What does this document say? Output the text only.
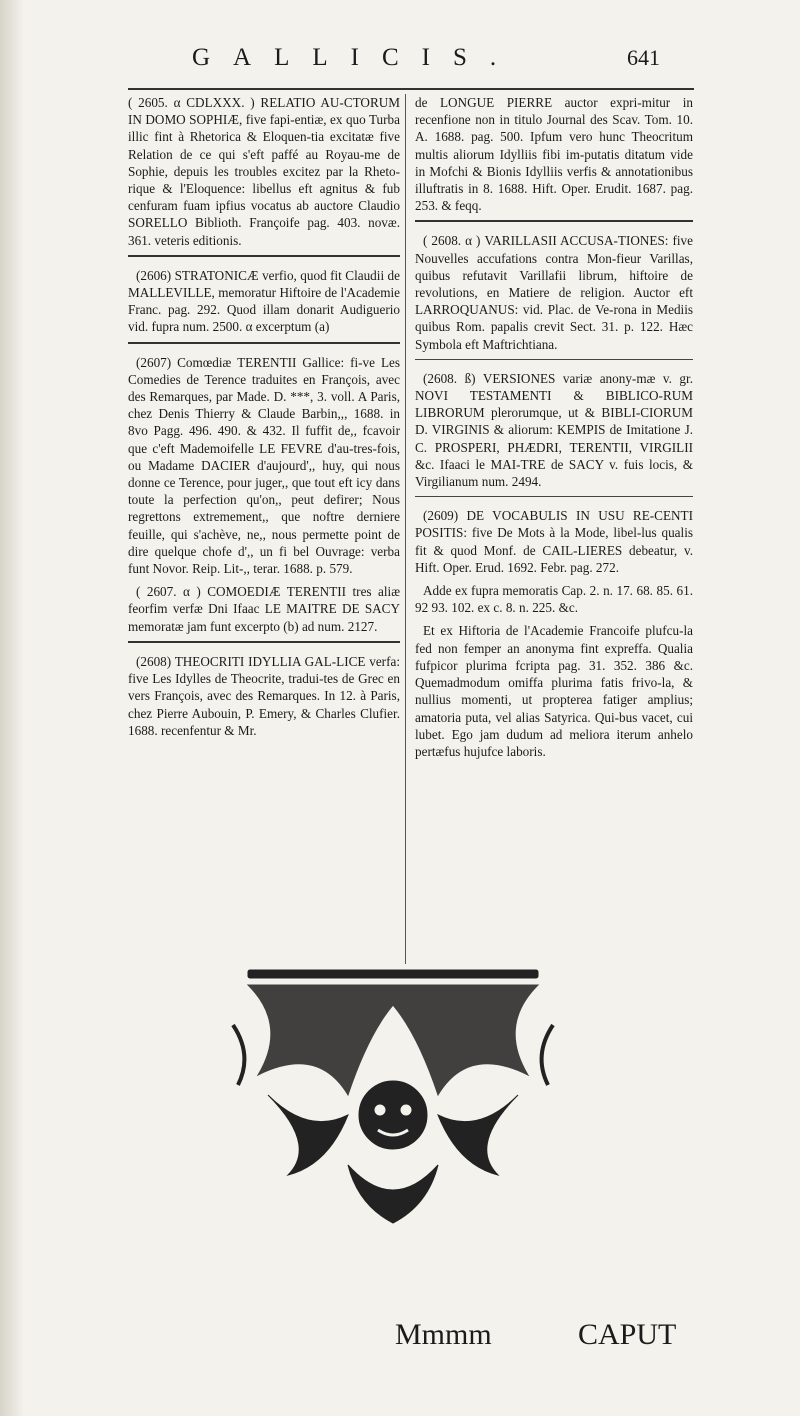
GALLICIS.	641

( 2605. α CDLXXX. ) RELATIO AU-CTORUM IN DOMO SOPHIÆ, five fapi-entiæ, ex quo Turba illic fint à Rhetorica & Eloquen-tia excitatæ five Relation de ce qui s'eft paffé au Royau-me de Sophie, depuis les troubles excitez par la Rheto-rique & l'Eloquence: libellus eft agnitus & fub cenfuram fuam ipfius vocatus ab auctore Claudio SORELLO Biblioth. Françoife pag. 403. novæ. 361. veteris editionis.

(2606) STRATONICÆ verfio, quod fit Claudii de MALLEVILLE, memoratur Hiftoire de l'Academie Franc. pag. 292. Quod illam donarit Audiguerio vid. fupra num. 2500. α excerptum (a)

(2607) Comœdiæ TERENTII Gallice: fi-ve Les Comedies de Terence traduites en François, avec des Remarques, par Made. D. ***, 3. voll. A Paris, chez Denis Thierry & Claude Barbin,,, 1688. in 8vo Pagg. 496. 490. & 432. Il fuffit de,, fcavoir que c'eft Mademoifelle LE FEVRE d'au-tres-fois, ou Madame DACIER d'aujourd',, huy, qui nous donne ce Terence, pour juger,, que tout eft icy dans toute la perfection qu'on,, peut defirer; Nous regrettons extremement,, que noftre derniere feuille, qui s'achève, ne,, nous permette point de dire quelque chofe d',, un fi bel Ouvrage: verba funt Novor. Reip. Lit-,, terar. 1688. p. 579.

( 2607. α ) COMOEDIÆ TERENTII tres aliæ feorfim verfæ Dni Ifaac LE MAITRE DE SACY memoratæ jam funt excerpto (b) ad num. 2127.

(2608) THEOCRITI IDYLLIA GAL-LICE verfa: five Les Idylles de Theocrite, tradui-tes de Grec en vers François, avec des Remarques. In 12. à Paris, chez Pierre Aubouin, P. Emery, & Charles Clufier. 1688. recenfentur & Mr.

de LONGUE PIERRE auctor expri-mitur in recenfione non in titulo Journal des Scav. Tom. 10. A. 1688. pag. 500. Ipfum vero hunc Theocritum multis aliorum Idylliis fibi im-putatis ditatum vide in Mofchi & Bionis Idylliis verfis & annotationibus illuftratis in 8. 1688. Hift. Oper. Erudit. 1687. pag. 253. & feqq.

( 2608. α ) VARILLASII ACCUSA-TIONES: five Nouvelles accufations contra Mon-fieur Varillas, quibus refutavit Varillafii librum, hiftoire de revolutions, en Matiere de religion. Auctor eft LARROQUANUS: vid. Plac. de Ve-rona in Mediis quibus Rom. papalis crevit Sect. 31. p. 122. Hæc Symbola eft Maftrichtiana.

(2608. ß) VERSIONES variæ anony-mæ v. gr. NOVI TESTAMENTI & BIBLICO-RUM LIBRORUM plerorumque, ut & BIBLI-CIORUM D. VIRGINIS & aliorum: KEMPIS de Imitatione J. C. PROSPERI, PHÆDRI, TERENTII, VIRGILII &c. Ifaaci le MAI-TRE de SACY v. fuis locis, & Virgilianum num. 2494.

(2609) DE VOCABULIS IN USU RE-CENTI POSITIS: five De Mots à la Mode, libel-lus qualis fit & quod Monf. de CAIL-LIERES debeatur, v. Hift. Oper. Erud. 1692. Febr. pag. 272.

Adde ex fupra memoratis Cap. 2. n. 17. 68. 85. 61. 92 93. 102. ex c. 8. n. 225. &c.

Et ex Hiftoria de l'Academie Francoife plufcu-la fed non femper an anonyma fint expreffa. Qualia fufpicor plurima fcripta pag. 31. 352. 386 &c. Quemadmodum omiffa plurima fatis frivo-la, & nullius momenti, ut propterea fatiger amplius; amatoria puta, vel alias Satyrica. Qui-bus vacet, cui lubet. Ego jam dudum ad meliora iterum anhelo pertæfus hujufce laboris.

Mmmm	CAPUT
